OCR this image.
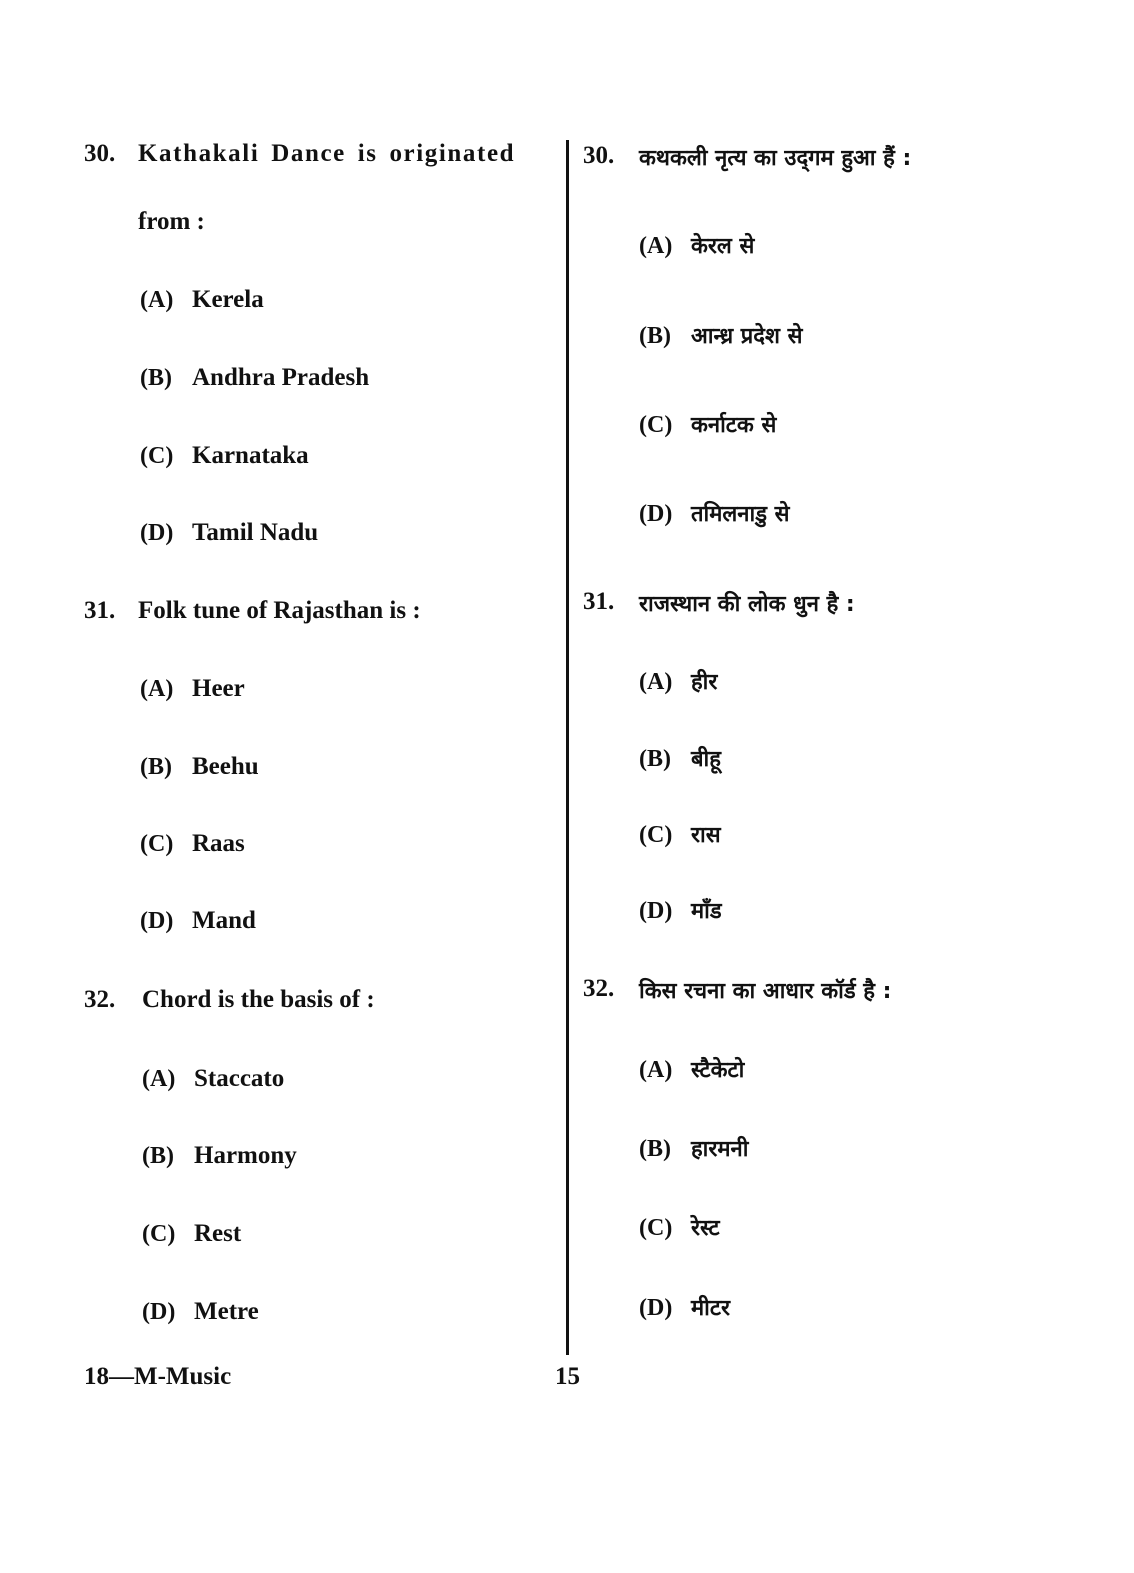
30. Kathakali Dance is originated
from :
(A) Kerela
(B) Andhra Pradesh
(C) Karnataka
(D) Tamil Nadu
31. Folk tune of Rajasthan is :
(A) Heer
(B) Beehu
(C) Raas
(D) Mand
32. Chord is the basis of :
(A) Staccato
(B) Harmony
(C) Rest
(D) Metre
30. कथकली नृत्य का उद्‌गम हुआ हैं :
(A) केरल से
(B) आन्ध्र प्रदेश से
(C) कर्नाटक से
(D) तमिलनाडु से
31. राजस्थान की लोक धुन है :
(A) हीर
(B) बीहू
(C) रास
(D) माँड
32. किस रचना का आधार कॉर्ड है :
(A) स्टैकेटो
(B) हारमनी
(C) रेस्ट
(D) मीटर
18—M-Music	15
